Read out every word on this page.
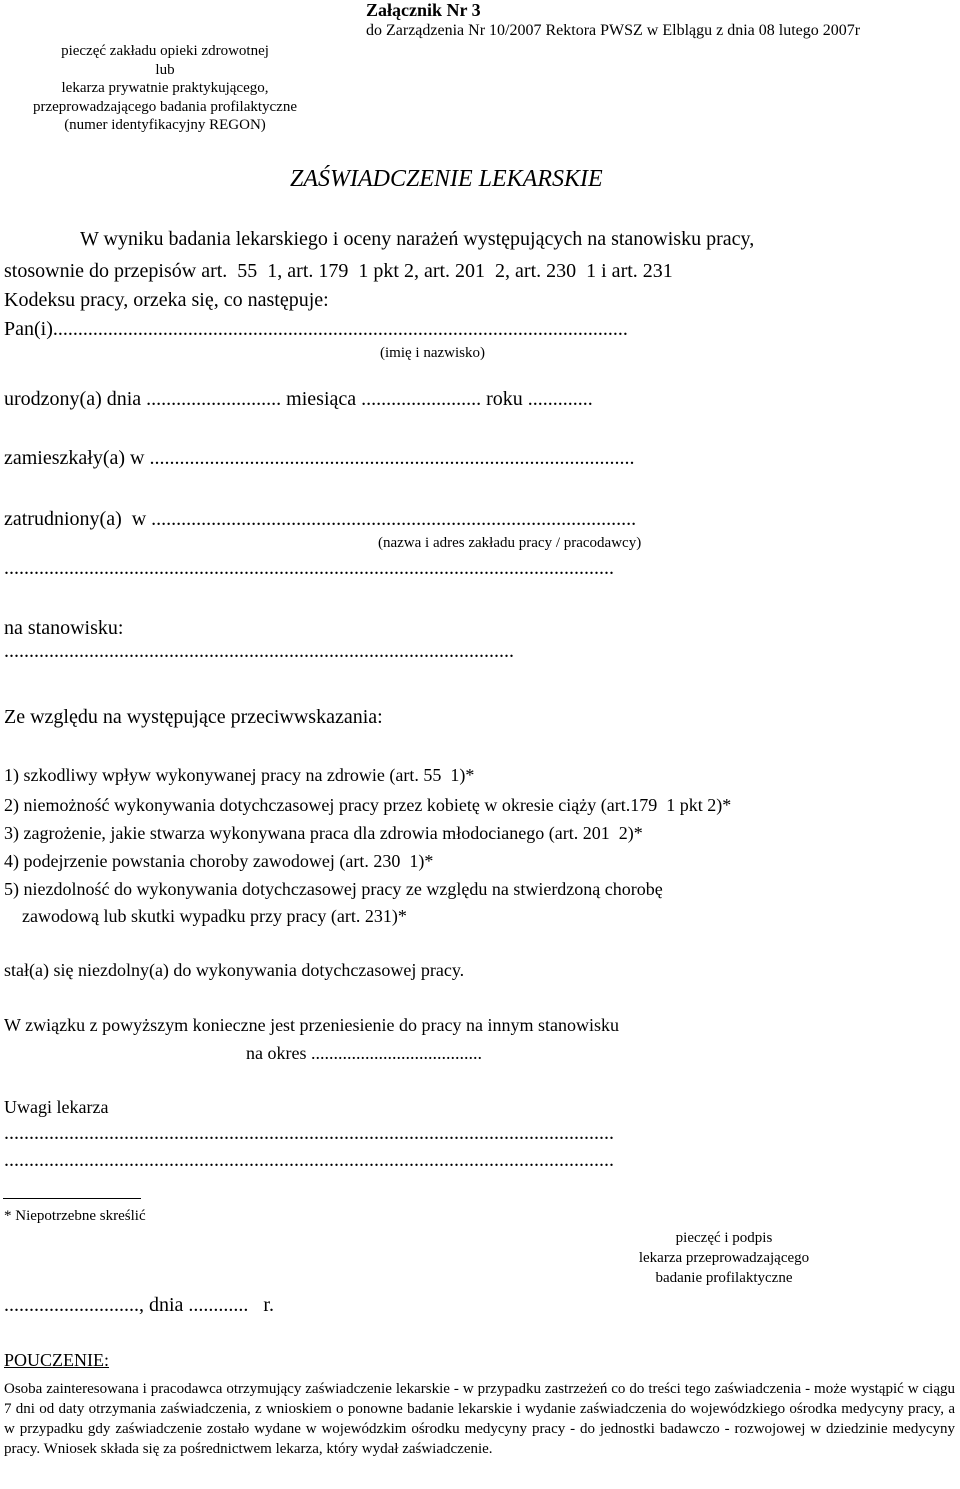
pieczęć zakładu opieki zdrowotnej
lub
lekarza prywatnie praktykującego,
przeprowadzającego badania profilaktyczne
(numer identyfikacyjny REGON)
Załącznik Nr 3
do Zarządzenia Nr 10/2007 Rektora PWSZ w Elblągu z dnia 08 lutego 2007r
ZAŚWIADCZENIE LEKARSKIE
W wyniku badania lekarskiego i oceny narażeń występujących na stanowisku pracy,
stosownie do przepisów art.  55  1, art. 179  1 pkt 2, art. 201  2, art. 230  1 i art. 231
Kodeksu pracy, orzeka się, co następuje:
Pan(i)...................................................................................................................
(imię i nazwisko)
urodzony(a) dnia ........................... miesiąca ........................ roku .............
zamieszkały(a) w .................................................................................................
zatrudniony(a)  w .................................................................................................
(nazwa i adres zakładu pracy / pracodawcy)
..........................................................................................................................
na stanowisku:
......................................................................................................
Ze względu na występujące przeciwwskazania:
1) szkodliwy wpływ wykonywanej pracy na zdrowie (art. 55  1)*
2) niemożność wykonywania dotychczasowej pracy przez kobietę w okresie ciąży (art.179  1 pkt 2)*
3) zagrożenie, jakie stwarza wykonywana praca dla zdrowia młodocianego (art. 201  2)*
4) podejrzenie powstania choroby zawodowej (art. 230  1)*
5) niezdolność do wykonywania dotychczasowej pracy ze względu na stwierdzoną chorobę
zawodową lub skutki wypadku przy pracy (art. 231)*
stał(a) się niezdolny(a) do wykonywania dotychczasowej pracy.
W związku z powyższym konieczne jest przeniesienie do pracy na innym stanowisku
na okres ......................................
Uwagi lekarza
..........................................................................................................................
..........................................................................................................................
* Niepotrzebne skreślić
pieczęć i podpis
lekarza przeprowadzającego
badanie profilaktyczne
..........................., dnia ............   r.
POUCZENIE:
Osoba zainteresowana i pracodawca otrzymujący zaświadczenie lekarskie - w przypadku zastrzeżeń co do treści tego zaświadczenia - może wystąpić w ciągu 7 dni od daty otrzymania zaświadczenia, z wnioskiem o ponowne badanie lekarskie i wydanie zaświadczenia do wojewódzkiego ośrodka medycyny pracy, a w przypadku gdy zaświadczenie zostało wydane w wojewódzkim ośrodku medycyny pracy - do jednostki badawczo - rozwojowej w dziedzinie medycyny pracy. Wniosek składa się za pośrednictwem lekarza, który wydał zaświadczenie.
